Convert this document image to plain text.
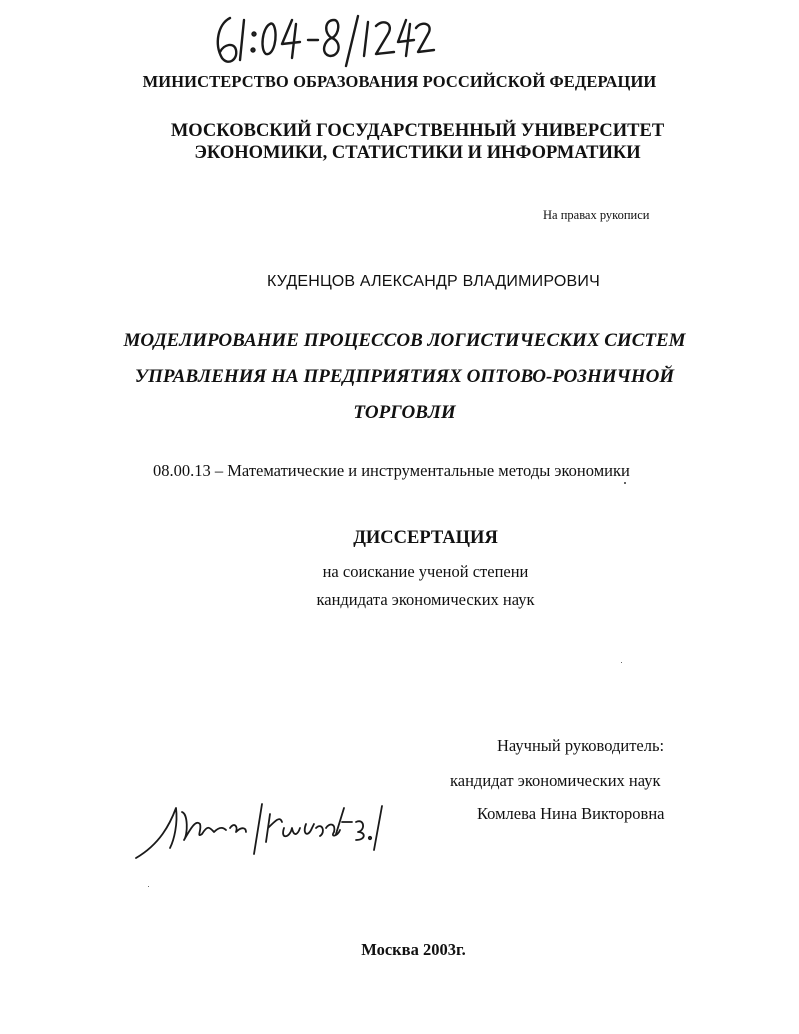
МИНИСТЕРСТВО ОБРАЗОВАНИЯ РОССИЙСКОЙ ФЕДЕРАЦИИ
МОСКОВСКИЙ ГОСУДАРСТВЕННЫЙ УНИВЕРСИТЕТ
ЭКОНОМИКИ, СТАТИСТИКИ И ИНФОРМАТИКИ
На правах рукописи
КУДЕНЦОВ АЛЕКСАНДР ВЛАДИМИРОВИЧ
МОДЕЛИРОВАНИЕ ПРОЦЕССОВ ЛОГИСТИЧЕСКИХ СИСТЕМ
УПРАВЛЕНИЯ НА ПРЕДПРИЯТИЯХ ОПТОВО-РОЗНИЧНОЙ
ТОРГОВЛИ
08.00.13 – Математические и инструментальные методы экономики
ДИССЕРТАЦИЯ
на соискание ученой степени
кандидата экономических наук
Научный руководитель:
кандидат экономических наук
Комлева Нина Викторовна
Москва 2003г.
